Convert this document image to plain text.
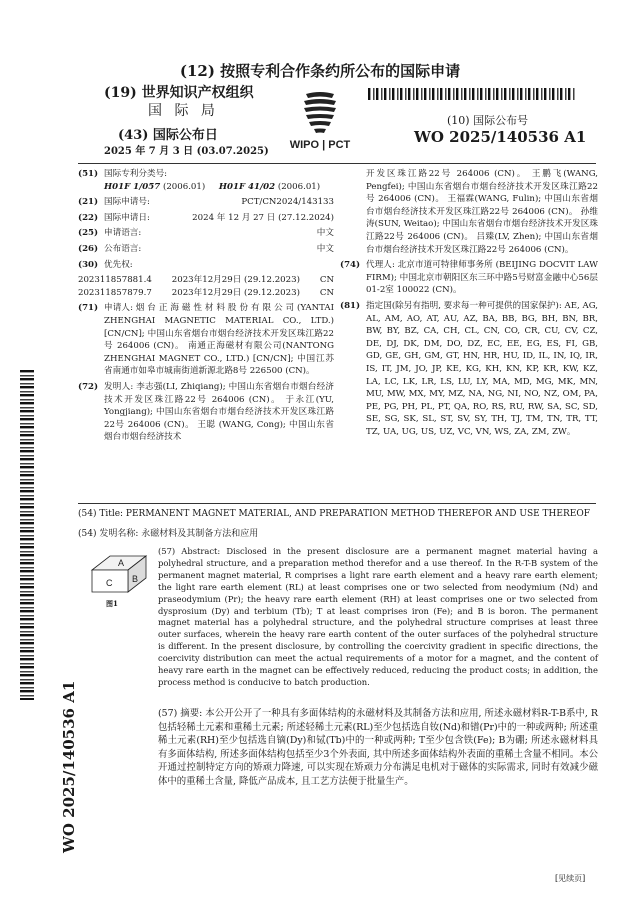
(12) 按照专利合作条约所公布的国际申请
(19) 世界知识产权组织
国 际 局
(43) 国际公布日
2025 年 7 月 3 日 (03.07.2025)
WIPO | PCT
(10) 国际公布号
WO 2025/140536 A1
(51) 国际专利分类号:
H01F 1/057 (2006.01) H01F 41/02 (2006.01)
(21) 国际申请号:	PCT/CN2024/143133
(22) 国际申请日:	2024 年 12 月 27 日 (27.12.2024)
(25) 申请语言:	中文
(26) 公布语言:	中文
(30) 优先权:
202311857881.4 2023年12月29日 (29.12.2023) CN
202311857879.7 2023年12月29日 (29.12.2023) CN
(71) 申请人: 烟 台 正 海 磁 性 材 料 股 份 有 限 公 司 (YANTAI ZHENGHAI MAGNETIC MATERIAL CO., LTD.) [CN/CN]; 中国山东省烟台市烟台经济技术开发区珠江路22号 264006 (CN)。 南通正海磁材有限公司(NANTONG ZHENGHAI MAGNET CO., LTD.) [CN/CN]; 中国江苏省南通市如皋市城南街道新源北路8号 226500 (CN)。
(72) 发明人: 李志强(LI, Zhiqiang); 中国山东省烟台市烟台经济技术开发区珠江路22号 264006 (CN)。 于永江(YU, Yongjiang); 中国山东省烟台市烟台经济技术开发区珠江路22号 264006 (CN)。 王聪 (WANG, Cong); 中国山东省烟台市烟台经济技术
开发区珠江路22号 264006 (CN)。 王鹏飞(WANG, Pengfei); 中国山东省烟台市烟台经济技术开发区珠江路22号 264006 (CN)。 王福霖(WANG, Fulin); 中国山东省烟台市烟台经济技术开发区珠江路22号 264006 (CN)。 孙维涛(SUN, Weitao); 中国山东省烟台市烟台经济技术开发区珠江路22号 264006 (CN)。 吕臻(LV, Zhen); 中国山东省烟台市烟台经济技术开发区珠江路22号 264006 (CN)。
(74) 代理人: 北京市道可特律师事务所 (BEIJING DOCVIT LAW FIRM); 中国北京市朝阳区东三环中路5号财富金融中心56层01-2室 100022 (CN)。
(81) 指定国(除另有指明, 要求每一种可提供的国家保护): AE, AG, AL, AM, AO, AT, AU, AZ, BA, BB, BG, BH, BN, BR, BW, BY, BZ, CA, CH, CL, CN, CO, CR, CU, CV, CZ, DE, DJ, DK, DM, DO, DZ, EC, EE, EG, ES, FI, GB, GD, GE, GH, GM, GT, HN, HR, HU, ID, IL, IN, IQ, IR, IS, IT, JM, JO, JP, KE, KG, KH, KN, KP, KR, KW, KZ, LA, LC, LK, LR, LS, LU, LY, MA, MD, MG, MK, MN, MU, MW, MX, MY, MZ, NA, NG, NI, NO, NZ, OM, PA, PE, PG, PH, PL, PT, QA, RO, RS, RU, RW, SA, SC, SD, SE, SG, SK, SL, ST, SV, SY, TH, TJ, TM, TN, TR, TT, TZ, UA, UG, US, UZ, VC, VN, WS, ZA, ZM, ZW。
WO 2025/140536 A1
(54) Title: PERMANENT MAGNET MATERIAL, AND PREPARATION METHOD THEREFOR AND USE THEREOF
(54) 发明名称: 永磁材料及其制备方法和应用
A
B
C
图1
(57) Abstract: Disclosed in the present disclosure are a permanent magnet material having a polyhedral structure, and a preparation method therefor and a use thereof. In the R-T-B system of the permanent magnet material, R comprises a light rare earth element and a heavy rare earth element; the light rare earth element (RL) at least comprises one or two selected from neodymium (Nd) and praseodymium (Pr); the heavy rare earth element (RH) at least comprises one or two selected from dysprosium (Dy) and terbium (Tb); T at least comprises iron (Fe); and B is boron. The permanent magnet material has a polyhedral structure, and the polyhedral structure comprises at least three outer surfaces, wherein the heavy rare earth content of the outer surfaces of the polyhedral structure is different. In the present disclosure, by controlling the coercivity gradient in specific directions, the coercivity distribution can meet the actual requirements of a motor for a magnet, and the content of heavy rare earth in the magnet can be effectively reduced, reducing the product costs; in addition, the process method is conducive to batch production.
(57) 摘要: 本公开公开了一种具有多面体结构的永磁材料及其制备方法和应用, 所述永磁材料R-T-B系中, R包括轻稀土元素和重稀土元素; 所述轻稀土元素(RL)至少包括选自钕(Nd)和镨(Pr)中的一种或两种; 所述重稀土元素(RH)至少包括选自镝(Dy)和铽(Tb)中的一种或两种; T至少包含铁(Fe); B为硼; 所述永磁材料具有多面体结构, 所述多面体结构包括至少3个外表面, 其中所述多面体结构外表面的重稀土含量不相同。本公开通过控制特定方向的矫顽力降速, 可以实现在矫顽力分布满足电机对于磁体的实际需求, 同时有效减少磁体中的重稀土含量, 降低产品成本, 且工艺方法便于批量生产。
[见续页]
